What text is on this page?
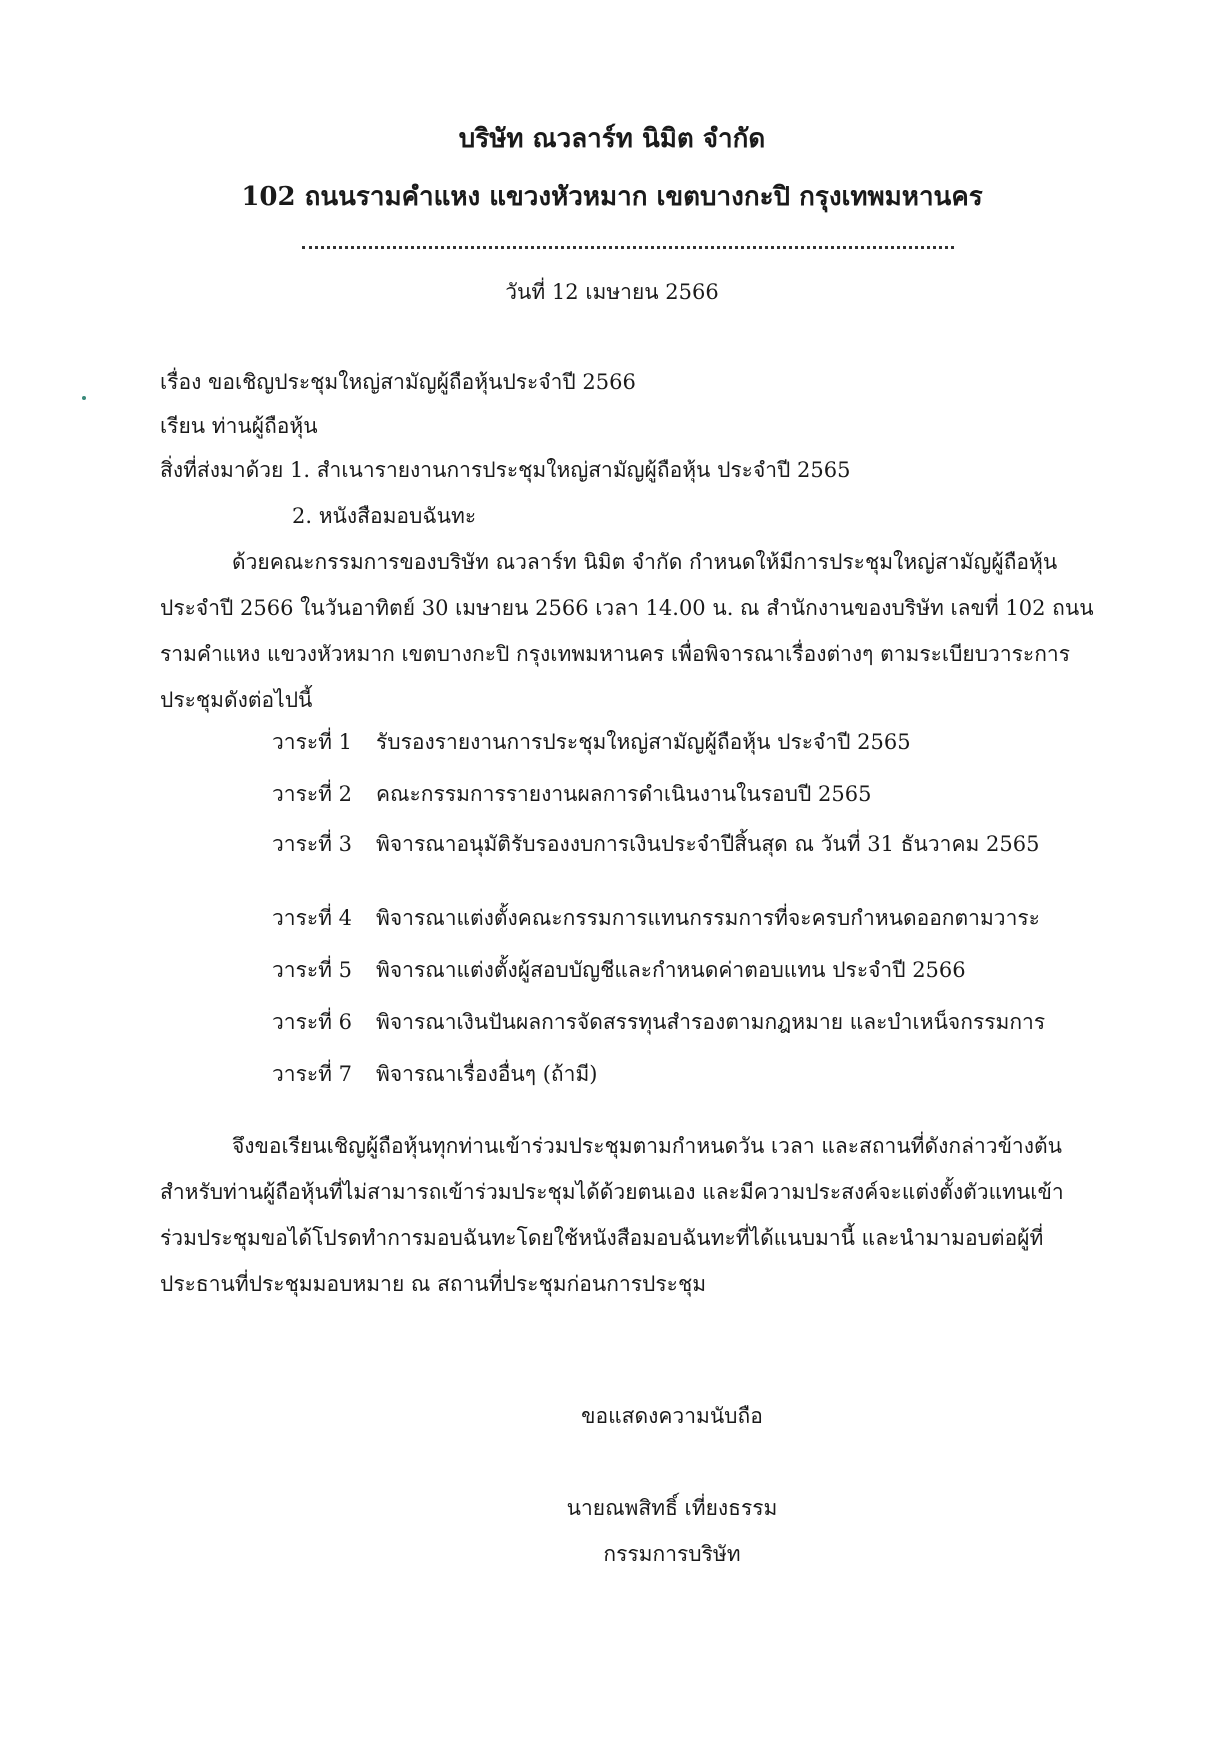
บริษัท ณวลาร์ท นิมิต จำกัด
102 ถนนรามคำแหง แขวงหัวหมาก เขตบางกะปิ กรุงเทพมหานคร
วันที่ 12 เมษายน 2566
เรื่อง ขอเชิญประชุมใหญ่สามัญผู้ถือหุ้นประจำปี 2566
เรียน ท่านผู้ถือหุ้น
สิ่งที่ส่งมาด้วย 1. สำเนารายงานการประชุมใหญ่สามัญผู้ถือหุ้น ประจำปี 2565
2. หนังสือมอบฉันทะ
ด้วยคณะกรรมการของบริษัท ณวลาร์ท นิมิต จำกัด กำหนดให้มีการประชุมใหญ่สามัญผู้ถือหุ้น
ประจำปี 2566 ในวันอาทิตย์ 30 เมษายน 2566 เวลา 14.00 น. ณ สำนักงานของบริษัท เลขที่ 102 ถนน
รามคำแหง แขวงหัวหมาก เขตบางกะปิ กรุงเทพมหานคร เพื่อพิจารณาเรื่องต่างๆ ตามระเบียบวาระการ
ประชุมดังต่อไปนี้
วาระที่ 1 รับรองรายงานการประชุมใหญ่สามัญผู้ถือหุ้น ประจำปี 2565
วาระที่ 2 คณะกรรมการรายงานผลการดำเนินงานในรอบปี 2565
วาระที่ 3 พิจารณาอนุมัติรับรองงบการเงินประจำปีสิ้นสุด ณ วันที่ 31 ธันวาคม 2565
วาระที่ 4 พิจารณาแต่งตั้งคณะกรรมการแทนกรรมการที่จะครบกำหนดออกตามวาระ
วาระที่ 5 พิจารณาแต่งตั้งผู้สอบบัญชีและกำหนดค่าตอบแทน ประจำปี 2566
วาระที่ 6 พิจารณาเงินปันผลการจัดสรรทุนสำรองตามกฎหมาย และบำเหน็จกรรมการ
วาระที่ 7 พิจารณาเรื่องอื่นๆ (ถ้ามี)
จึงขอเรียนเชิญผู้ถือหุ้นทุกท่านเข้าร่วมประชุมตามกำหนดวัน เวลา และสถานที่ดังกล่าวข้างต้น
สำหรับท่านผู้ถือหุ้นที่ไม่สามารถเข้าร่วมประชุมได้ด้วยตนเอง และมีความประสงค์จะแต่งตั้งตัวแทนเข้า
ร่วมประชุมขอได้โปรดทำการมอบฉันทะโดยใช้หนังสือมอบฉันทะที่ได้แนบมานี้ และนำมามอบต่อผู้ที่
ประธานที่ประชุมมอบหมาย ณ สถานที่ประชุมก่อนการประชุม
ขอแสดงความนับถือ
นายณพสิทธิ์ เที่ยงธรรม
กรรมการบริษัท
